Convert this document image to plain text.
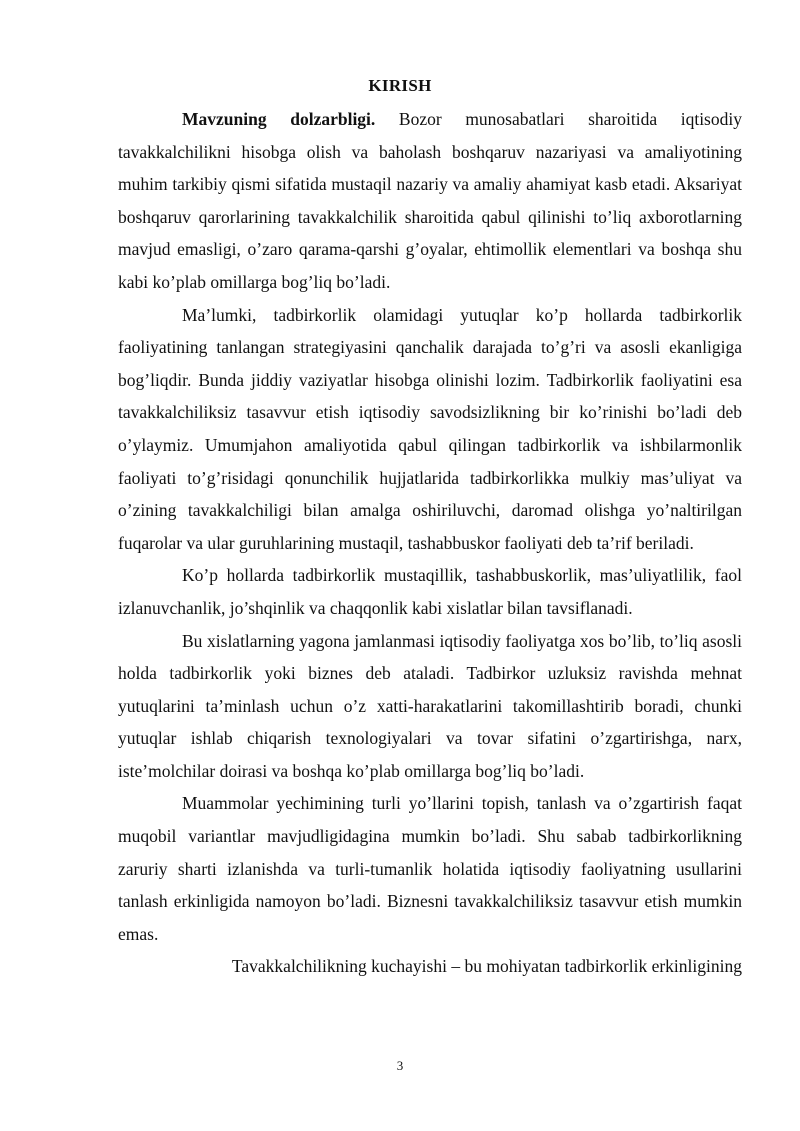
KIRISH

Mavzuning dolzarbligi. Bozor munosabatlari sharoitida iqtisodiy tavakkalchilikni hisobga olish va baholash boshqaruv nazariyasi va amaliyotining muhim tarkibiy qismi sifatida mustaqil nazariy va amaliy ahamiyat kasb etadi. Aksariyat boshqaruv qarorlarining tavakkalchilik sharoitida qabul qilinishi to’liq axborotlarning mavjud emasligi, o’zaro qarama-qarshi g’oyalar, ehtimollik elementlari va boshqa shu kabi ko’plab omillarga bog’liq bo’ladi.

Ma’lumki, tadbirkorlik olamidagi yutuqlar ko’p hollarda tadbirkorlik faoliyatining tanlangan strategiyasini qanchalik darajada to’g’ri va asosli ekanligiga bog’liqdir. Bunda jiddiy vaziyatlar hisobga olinishi lozim. Tadbirkorlik faoliyatini esa tavakkalchiliksiz tasavvur etish iqtisodiy savodsizlikning bir ko’rinishi bo’ladi deb o’ylaymiz. Umumjahon amaliyotida qabul qilingan tadbirkorlik va ishbilarmonlik faoliyati to’g’risidagi qonunchilik hujjatlarida tadbirkorlikka mulkiy mas’uliyat va o’zining tavakkalchiligi bilan amalga oshiriluvchi, daromad olishga yo’naltirilgan fuqarolar va ular guruhlarining mustaqil, tashabbuskor faoliyati deb ta’rif beriladi.

Ko’p hollarda tadbirkorlik mustaqillik, tashabbuskorlik, mas’uliyatlilik, faol izlanuvchanlik, jo’shqinlik va chaqqonlik kabi xislatlar bilan tavsiflanadi.

Bu xislatlarning yagona jamlanmasi iqtisodiy faoliyatga xos bo’lib, to’liq asosli holda tadbirkorlik yoki biznes deb ataladi. Tadbirkor uzluksiz ravishda mehnat yutuqlarini ta’minlash uchun o’z xatti-harakatlarini takomillashtirib boradi, chunki yutuqlar ishlab chiqarish texnologiyalari va tovar sifatini o’zgartirishga, narx, iste’molchilar doirasi va boshqa ko’plab omillarga bog’liq bo’ladi.

Muammolar yechimining turli yo’llarini topish, tanlash va o’zgartirish faqat muqobil variantlar mavjudligidagina mumkin bo’ladi. Shu sabab tadbirkorlikning zaruriy sharti izlanishda va turli-tumanlik holatida iqtisodiy faoliyatning usullarini tanlash erkinligida namoyon bo’ladi. Biznesni tavakkalchiliksiz tasavvur etish mumkin emas.

Tavakkalchilikning kuchayishi – bu mohiyatan tadbirkorlik erkinligining

3
